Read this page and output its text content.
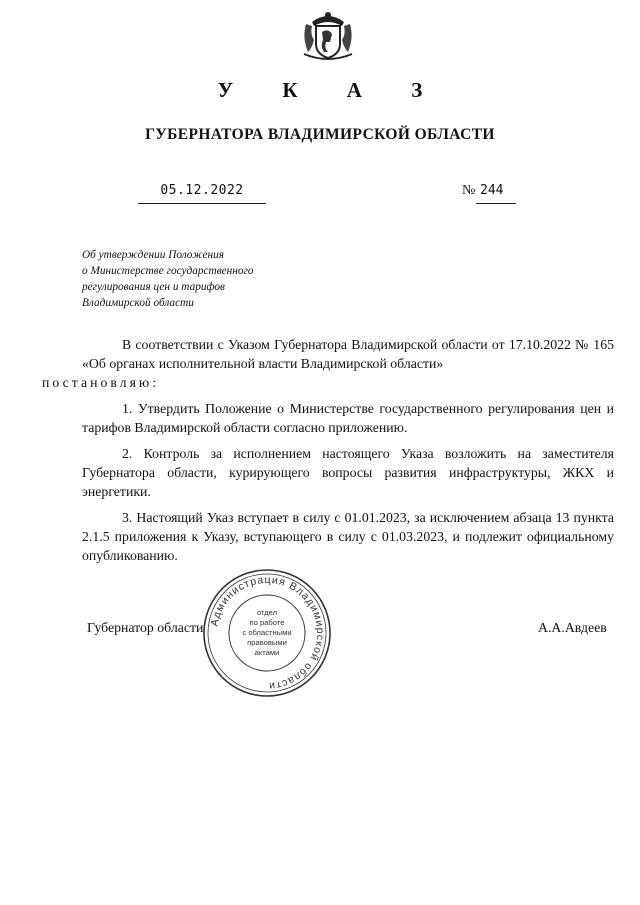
У К А З
ГУБЕРНАТОРА ВЛАДИМИРСКОЙ ОБЛАСТИ
05.12.2022	№ 244
Об утверждении Положения
о Министерстве государственного
регулирования цен и тарифов
Владимирской области

В соответствии с Указом Губернатора Владимирской области от 17.10.2022 № 165 «Об органах исполнительной власти Владимирской области»
постановляю:

1. Утвердить Положение о Министерстве государственного регулирования цен и тарифов Владимирской области согласно приложению.

2. Контроль за исполнением настоящего Указа возложить на заместителя Губернатора области, курирующего вопросы развития инфраструктуры, ЖКХ и энергетики.

3. Настоящий Указ вступает в силу с 01.01.2023, за исключением абзаца 13 пункта 2.1.5 приложения к Указу, вступающего в силу с 01.03.2023, и подлежит официальному опубликованию.

Губернатор области	А.А.Авдеев
Администрация Владимирской области
отдел
по работе
с областными
правовыми
актами
